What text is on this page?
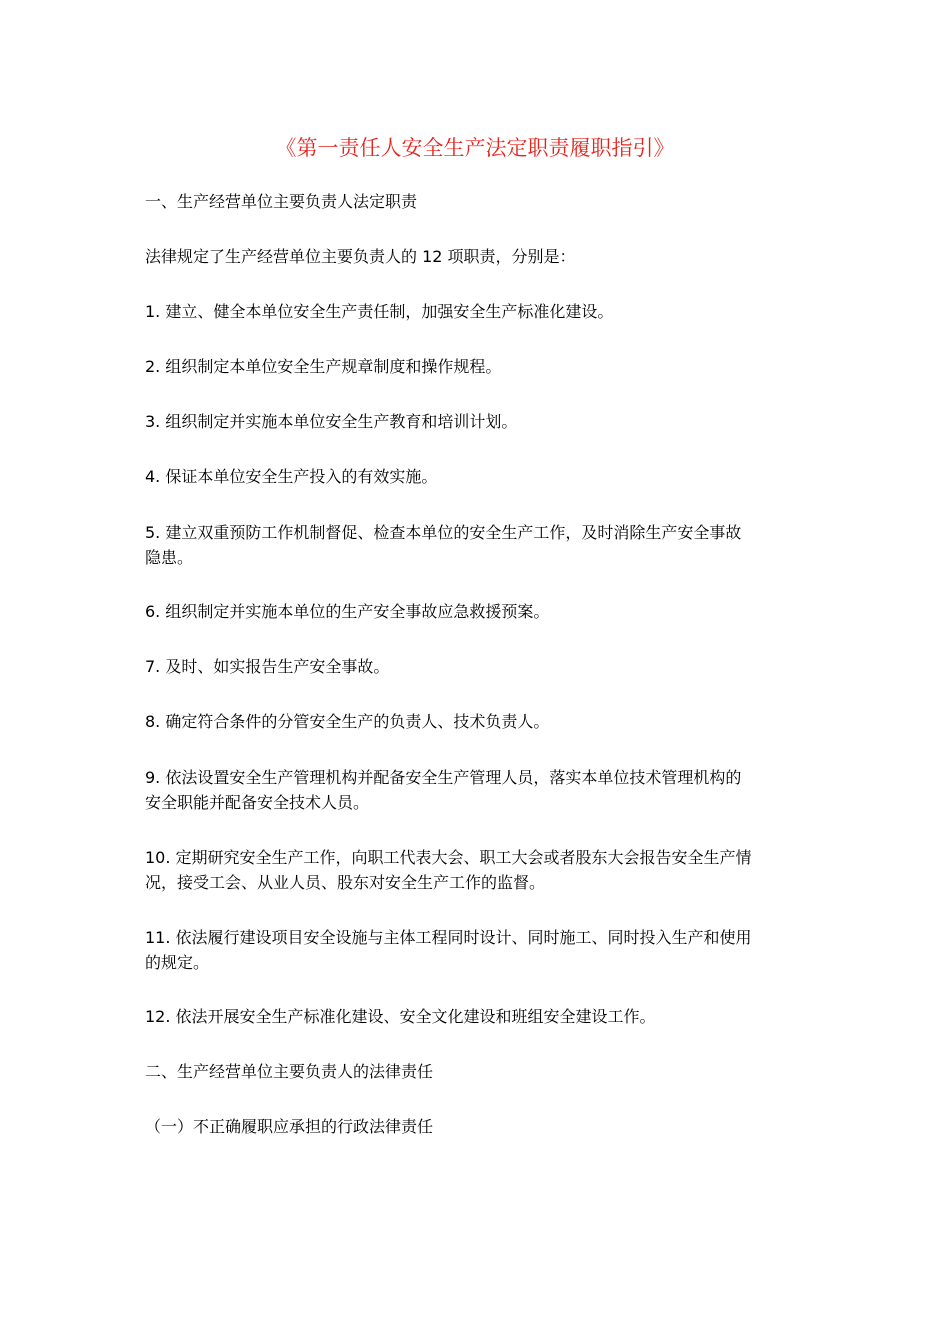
《第一责任人安全生产法定职责履职指引》
一、生产经营单位主要负责人法定职责
法律规定了生产经营单位主要负责人的 12 项职责，分别是：
1. 建立、健全本单位安全生产责任制，加强安全生产标准化建设。
2. 组织制定本单位安全生产规章制度和操作规程。
3. 组织制定并实施本单位安全生产教育和培训计划。
4. 保证本单位安全生产投入的有效实施。
5. 建立双重预防工作机制督促、检查本单位的安全生产工作，及时消除生产安全事故
隐患。
6. 组织制定并实施本单位的生产安全事故应急救援预案。
7. 及时、如实报告生产安全事故。
8. 确定符合条件的分管安全生产的负责人、技术负责人。
9. 依法设置安全生产管理机构并配备安全生产管理人员，落实本单位技术管理机构的
安全职能并配备安全技术人员。
10. 定期研究安全生产工作，向职工代表大会、职工大会或者股东大会报告安全生产情
况，接受工会、从业人员、股东对安全生产工作的监督。
11. 依法履行建设项目安全设施与主体工程同时设计、同时施工、同时投入生产和使用
的规定。
12. 依法开展安全生产标准化建设、安全文化建设和班组安全建设工作。
二、生产经营单位主要负责人的法律责任
（一）不正确履职应承担的行政法律责任
